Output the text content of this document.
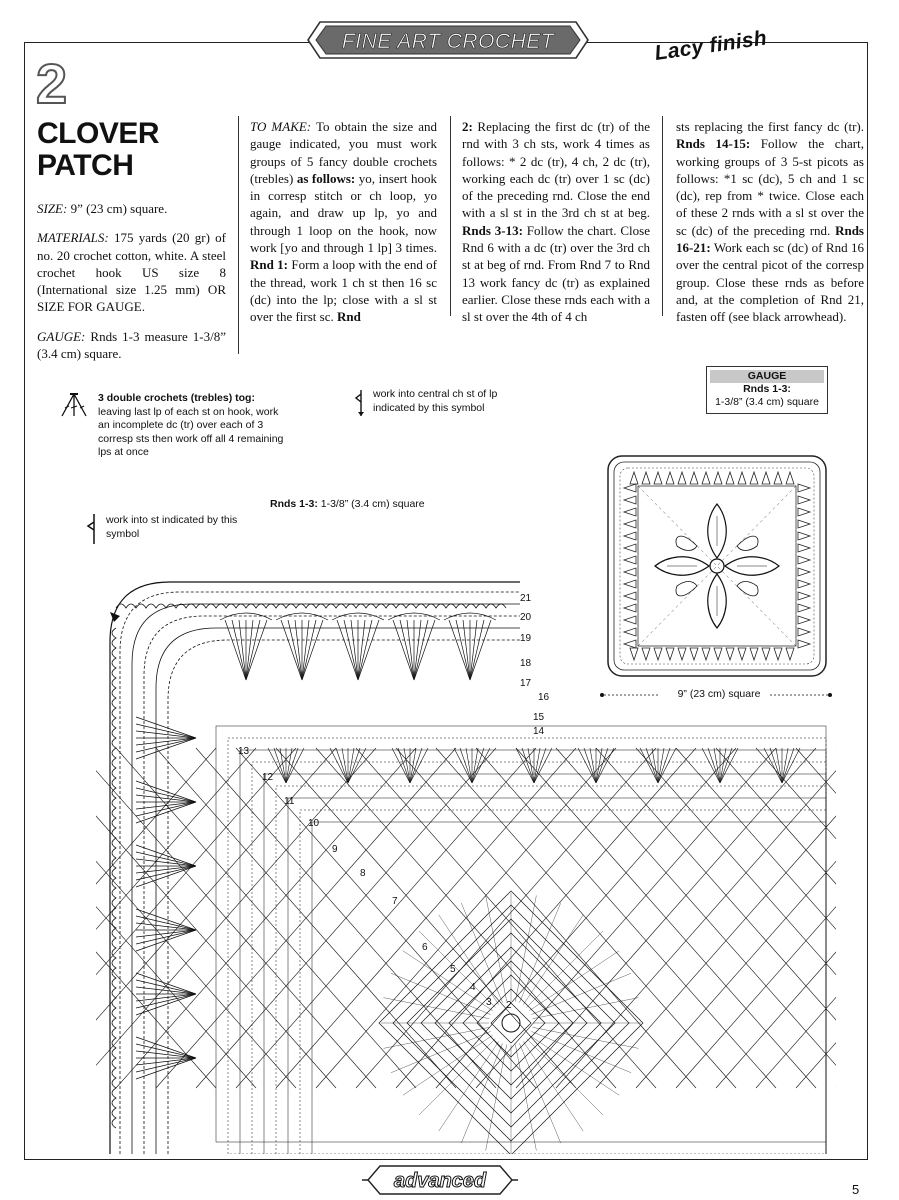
FINE ART CROCHET	Lacy finish
2
CLOVER
PATCH

SIZE: 9” (23 cm) square.

MATERIALS: 175 yards (20 gr) of no. 20 crochet cotton, white. A steel crochet hook US size 8 (International size 1.25 mm) OR SIZE FOR GAUGE.

GAUGE: Rnds 1-3 measure 1-3/8” (3.4 cm) square.

TO MAKE: To obtain the size and gauge indicated, you must work groups of 5 fancy double crochets (trebles) as follows: yo, insert hook in corresp stitch or ch loop, yo again, and draw up lp, yo and through 1 loop on the hook, now work [yo and through 1 lp] 3 times. Rnd 1: Form a loop with the end of the thread, work 1 ch st then 16 sc (dc) into the lp; close with a sl st over the first sc. Rnd
2: Replacing the first dc (tr) of the rnd with 3 ch sts, work 4 times as follows: * 2 dc (tr), 4 ch, 2 dc (tr), working each dc (tr) over 1 sc (dc) of the preceding rnd. Close the end with a sl st in the 3rd ch st at beg. Rnds 3-13: Follow the chart. Close Rnd 6 with a dc (tr) over the 3rd ch st at beg of rnd. From Rnd 7 to Rnd 13 work fancy dc (tr) as explained earlier. Close these rnds each with a sl st over the 4th of 4 ch
sts replacing the first fancy dc (tr). Rnds 14-15: Follow the chart, working groups of 3 5-st picots as follows: *1 sc (dc), 5 ch and 1 sc (dc), rep from * twice. Close each of these 2 rnds with a sl st over the sc (dc) of the preceding rnd. Rnds 16-21: Work each sc (dc) of Rnd 16 over the central picot of the corresp group. Close these rnds as before and, at the completion of Rnd 21, fasten off (see black arrowhead).
3 double crochets (trebles) tog: leaving last lp of each st on hook, work an incomplete dc (tr) over each of 3 corresp sts then work off all 4 remaining lps at once
work into central ch st of lp indicated by this symbol
work into st indicated by this symbol
GAUGE
Rnds 1-3:
1-3/8” (3.4 cm) square
Rnds 1-3: 1-3/8” (3.4 cm) square
9” (23 cm) square
21
20
19
18
17
16
15
14
13
12
11
10
9
8
7
6
5
4
3 2
advanced	5
